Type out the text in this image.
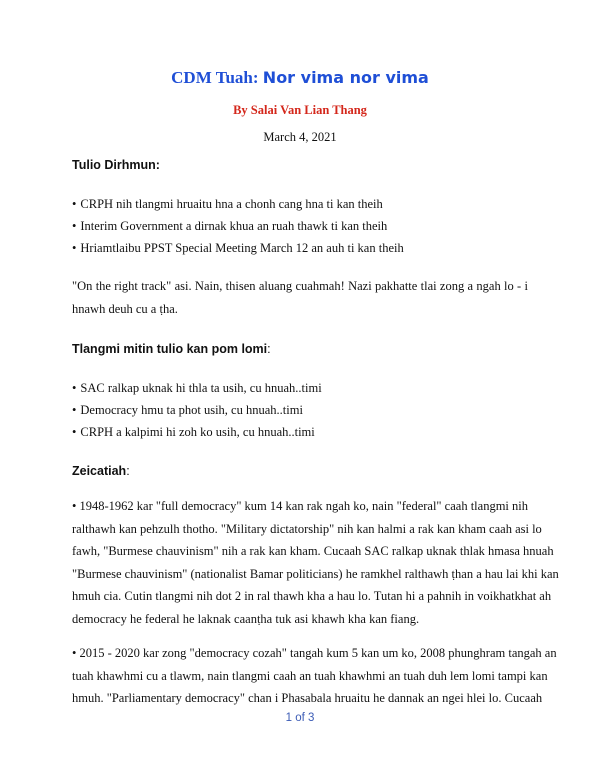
CDM Tuah: Nor vima nor vima
By Salai Van Lian Thang
March 4, 2021
Tulio Dirhmun:
• CRPH nih tlangmi hruaitu hna a chonh cang hna ti kan theih
• Interim Government a dirnak khua an ruah thawk ti kan theih
• Hriamtlaibu PPST Special Meeting March 12 an auh ti kan theih
"On the right track" asi. Nain, thisen aluang cuahmah! Nazi pakhatte tlai zong a ngah lo - i
hnawh deuh cu a ṭha.
Tlangmi mitin tulio kan pom lomi:
• SAC ralkap uknak hi thla ta usih, cu hnuah..timi
• Democracy hmu ta phot usih, cu hnuah..timi
• CRPH a kalpimi hi zoh ko usih, cu hnuah..timi
Zeicatiah:
• 1948-1962 kar "full democracy" kum 14 kan rak ngah ko, nain "federal" caah tlangmi nih
ralthawh kan pehzulh thotho. "Military dictatorship" nih kan halmi a rak kan kham caah asi lo
fawh, "Burmese chauvinism" nih a rak kan kham. Cucaah SAC ralkap uknak thlak hmasa hnuah
"Burmese chauvinism" (nationalist Bamar politicians) he ramkhel ralthawh ṭhan a hau lai khi kan
hmuh cia. Cutin tlangmi nih dot 2 in ral thawh kha a hau lo. Tutan hi a pahnih in voikhatkhat ah
democracy he federal he laknak caanṭha tuk asi khawh kha kan fiang.
• 2015 - 2020 kar zong "democracy cozah" tangah kum 5 kan um ko, 2008 phunghram tangah an
tuah khawhmi cu a tlawm, nain tlangmi caah an tuah khawhmi an tuah duh lem lomi tampi kan
hmuh. "Parliamentary democracy" chan i Phasabala hruaitu he dannak an ngei hlei lo. Cucaah
1 of 3
